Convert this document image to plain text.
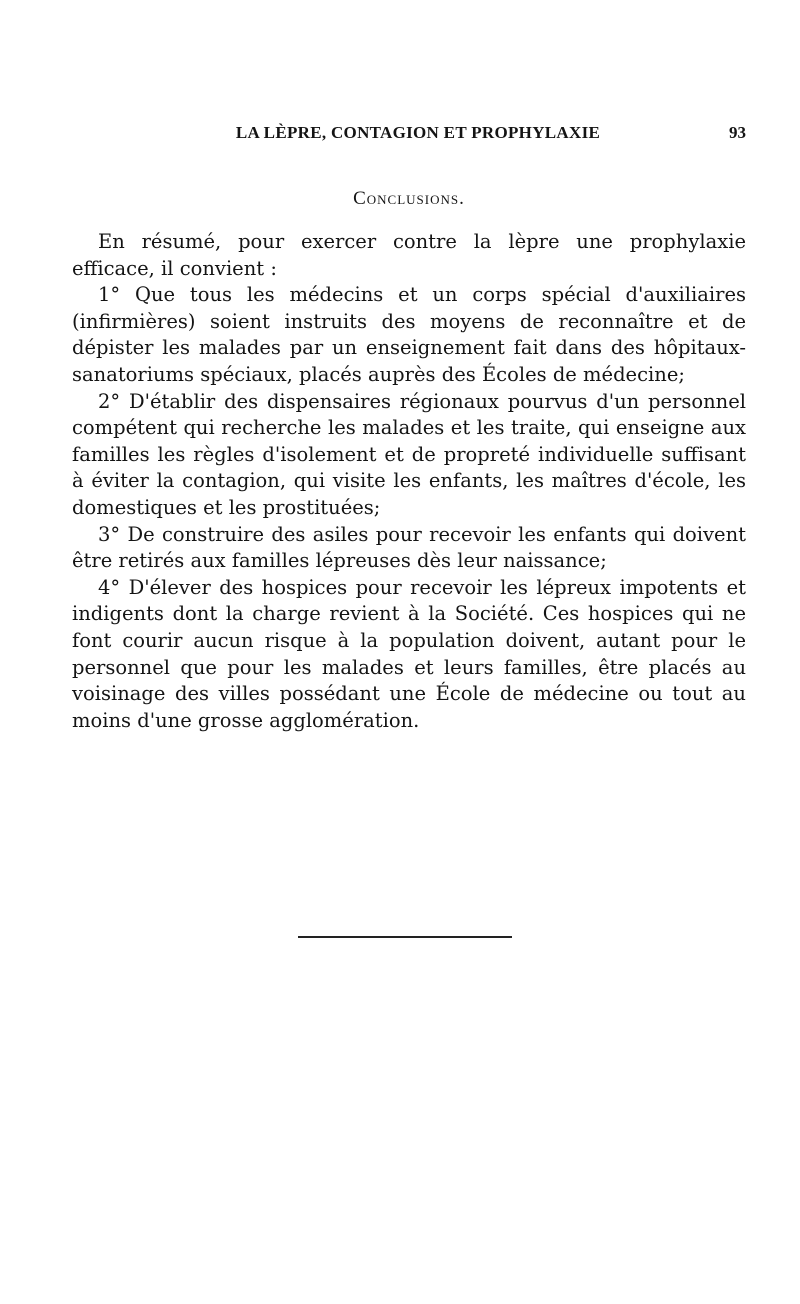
LA LÈPRE, CONTAGION ET PROPHYLAXIE	93
Conclusions.

En résumé, pour exercer contre la lèpre une prophylaxie efficace, il convient :

1° Que tous les médecins et un corps spécial d'auxiliaires (infirmières) soient instruits des moyens de reconnaître et de dépister les malades par un enseignement fait dans des hôpitaux-sanatoriums spéciaux, placés auprès des Écoles de médecine;

2° D'établir des dispensaires régionaux pourvus d'un personnel compétent qui recherche les malades et les traite, qui enseigne aux familles les règles d'isolement et de propreté individuelle suffisant à éviter la contagion, qui visite les enfants, les maîtres d'école, les domestiques et les prostituées;

3° De construire des asiles pour recevoir les enfants qui doivent être retirés aux familles lépreuses dès leur naissance;

4° D'élever des hospices pour recevoir les lépreux impotents et indigents dont la charge revient à la Société. Ces hospices qui ne font courir aucun risque à la population doivent, autant pour le personnel que pour les malades et leurs familles, être placés au voisinage des villes possédant une École de médecine ou tout au moins d'une grosse agglomération.
